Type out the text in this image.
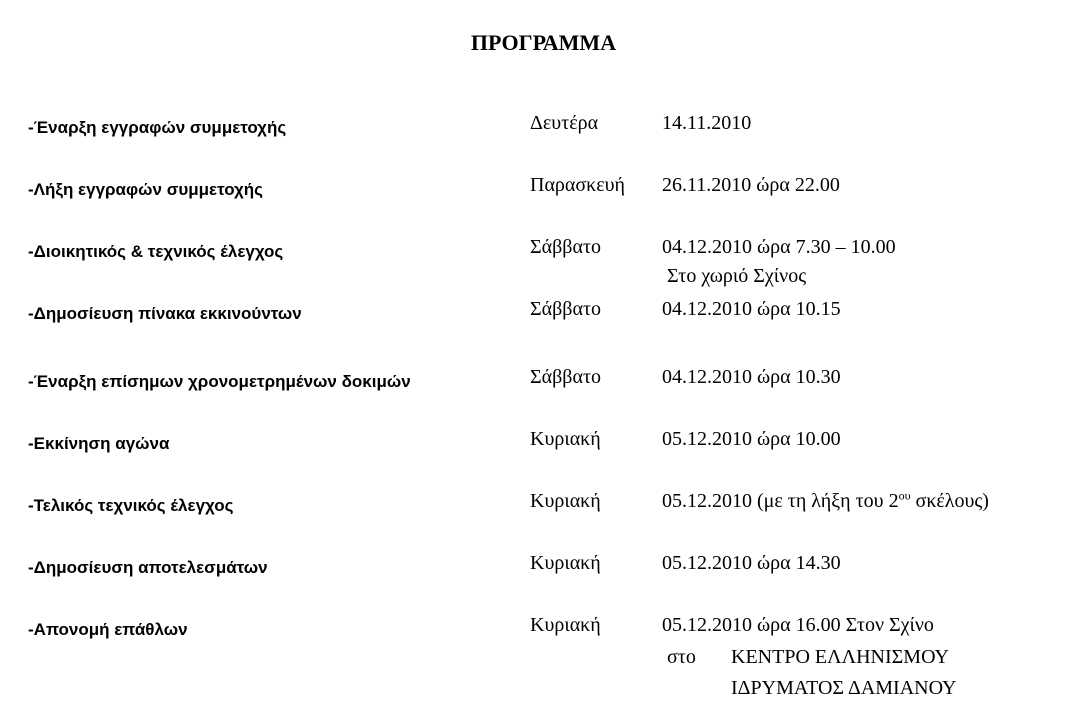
ΠΡΟΓΡΑΜΜΑ
-Έναρξη εγγραφών συμμετοχής	Δευτέρα	14.11.2010
-Λήξη εγγραφών συμμετοχής	Παρασκευή 26.11.2010 ώρα 22.00
-Διοικητικός & τεχνικός έλεγχος	Σάββατο	04.12.2010 ώρα 7.30 – 10.00
Στο χωριό Σχίνος
-Δημοσίευση πίνακα εκκινούντων	Σάββατο	04.12.2010 ώρα 10.15
-Έναρξη επίσημων χρονομετρημένων δοκιμών	Σάββατο	04.12.2010 ώρα 10.30
-Εκκίνηση αγώνα	Κυριακή	05.12.2010 ώρα 10.00
-Τελικός τεχνικός έλεγχος	Κυριακή	05.12.2010 (με τη λήξη του $2^{o\upsilon}$ σκέλους)
-Δημοσίευση αποτελεσμάτων	Κυριακή	05.12.2010 ώρα 14.30
-Απονομή επάθλων	Κυριακή	05.12.2010 ώρα 16.00 Στον Σχίνο
στο ΚΕΝΤΡΟ ΕΛΛΗΝΙΣΜΟΥ
ΙΔΡΥΜΑΤΟΣ ΔΑΜΙΑΝΟΥ
